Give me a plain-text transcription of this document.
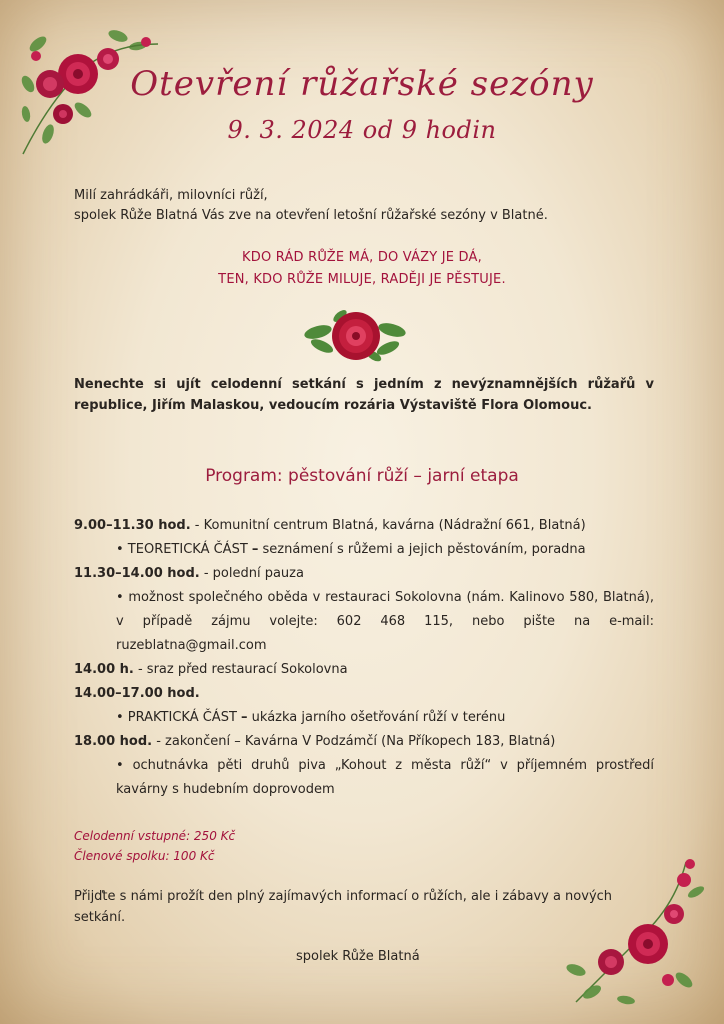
Otevření růžařské sezóny
9. 3. 2024 od 9 hodin
Milí zahrádkáři, milovníci růží,
spolek Růže Blatná Vás zve na otevření letošní růžařské sezóny v Blatné.
KDO RÁD RŮŽE MÁ, DO VÁZY JE DÁ,
TEN, KDO RŮŽE MILUJE, RADĚJI JE PĚSTUJE.
Nenechte si ujít celodenní setkání s jedním z nevýznamnějších růžařů v republice, Jiřím Malaskou, vedoucím rozária Výstaviště Flora Olomouc.
Program: pěstování růží – jarní etapa
9.00–11.30 hod. - Komunitní centrum Blatná, kavárna (Nádražní 661, Blatná)
• TEORETICKÁ ČÁST – seznámení s růžemi a jejich pěstováním, poradna
11.30–14.00 hod. - polední pauza
• možnost společného oběda v restauraci Sokolovna (nám. Kalinovo 580, Blatná), v případě zájmu volejte: 602 468 115, nebo pište na e-mail: ruzeblatna@gmail.com
14.00 h. - sraz před restaurací Sokolovna
14.00–17.00 hod.
• PRAKTICKÁ ČÁST – ukázka jarního ošetřování růží v terénu
18.00 hod. - zakončení – Kavárna V Podzámčí (Na Příkopech 183, Blatná)
• ochutnávka pěti druhů piva „Kohout z města růží“ v příjemném prostředí kavárny s hudebním doprovodem
Celodenní vstupné: 250 Kč
Členové spolku: 100 Kč
Přijďte s námi prožít den plný zajímavých informací o růžích, ale i zábavy a nových setkání.
spolek Růže Blatná
